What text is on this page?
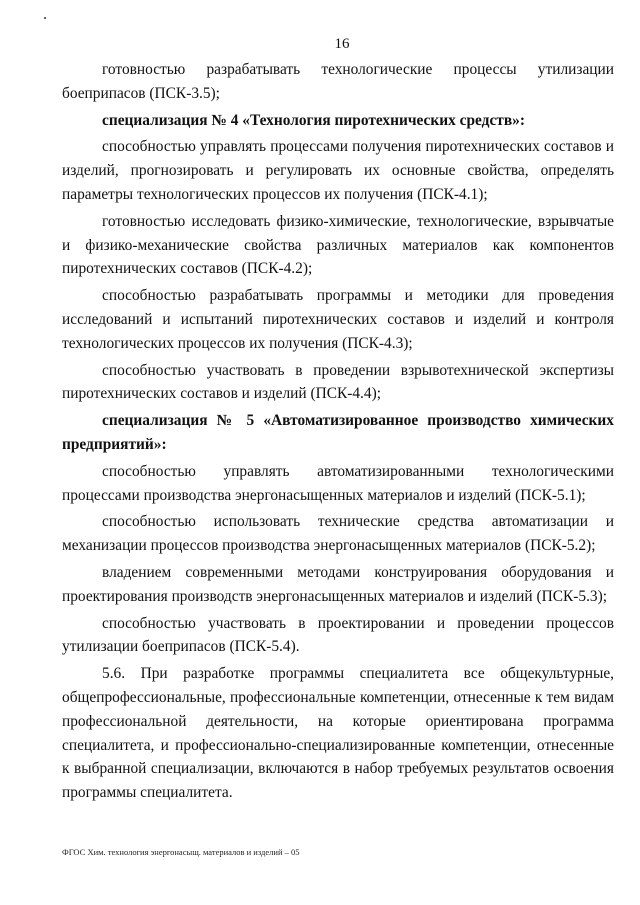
16

готовностью разрабатывать технологические процессы утилизации боеприпасов (ПСК-3.5);

специализация № 4 «Технология пиротехнических средств»:

способностью управлять процессами получения пиротехнических составов и изделий, прогнозировать и регулировать их основные свойства, определять параметры технологических процессов их получения (ПСК-4.1);

готовностью исследовать физико-химические, технологические, взрывчатые и физико-механические свойства различных материалов как компонентов пиротехнических составов (ПСК-4.2);

способностью разрабатывать программы и методики для проведения исследований и испытаний пиротехнических составов и изделий и контроля технологических процессов их получения (ПСК-4.3);

способностью участвовать в проведении взрывотехнической экспертизы пиротехнических составов и изделий (ПСК-4.4);

специализация № 5 «Автоматизированное производство химических предприятий»:

способностью управлять автоматизированными технологическими процессами производства энергонасыщенных материалов и изделий (ПСК-5.1);

способностью использовать технические средства автоматизации и механизации процессов производства энергонасыщенных материалов (ПСК-5.2);

владением современными методами конструирования оборудования и проектирования производств энергонасыщенных материалов и изделий (ПСК-5.3);

способностью участвовать в проектировании и проведении процессов утилизации боеприпасов (ПСК-5.4).

5.6. При разработке программы специалитета все общекультурные, общепрофессиональные, профессиональные компетенции, отнесенные к тем видам профессиональной деятельности, на которые ориентирована программа специалитета, и профессионально-специализированные компетенции, отнесенные к выбранной специализации, включаются в набор требуемых результатов освоения программы специалитета.

ФГОС Хим. технология энергонасыщ. материалов и изделий – 05
